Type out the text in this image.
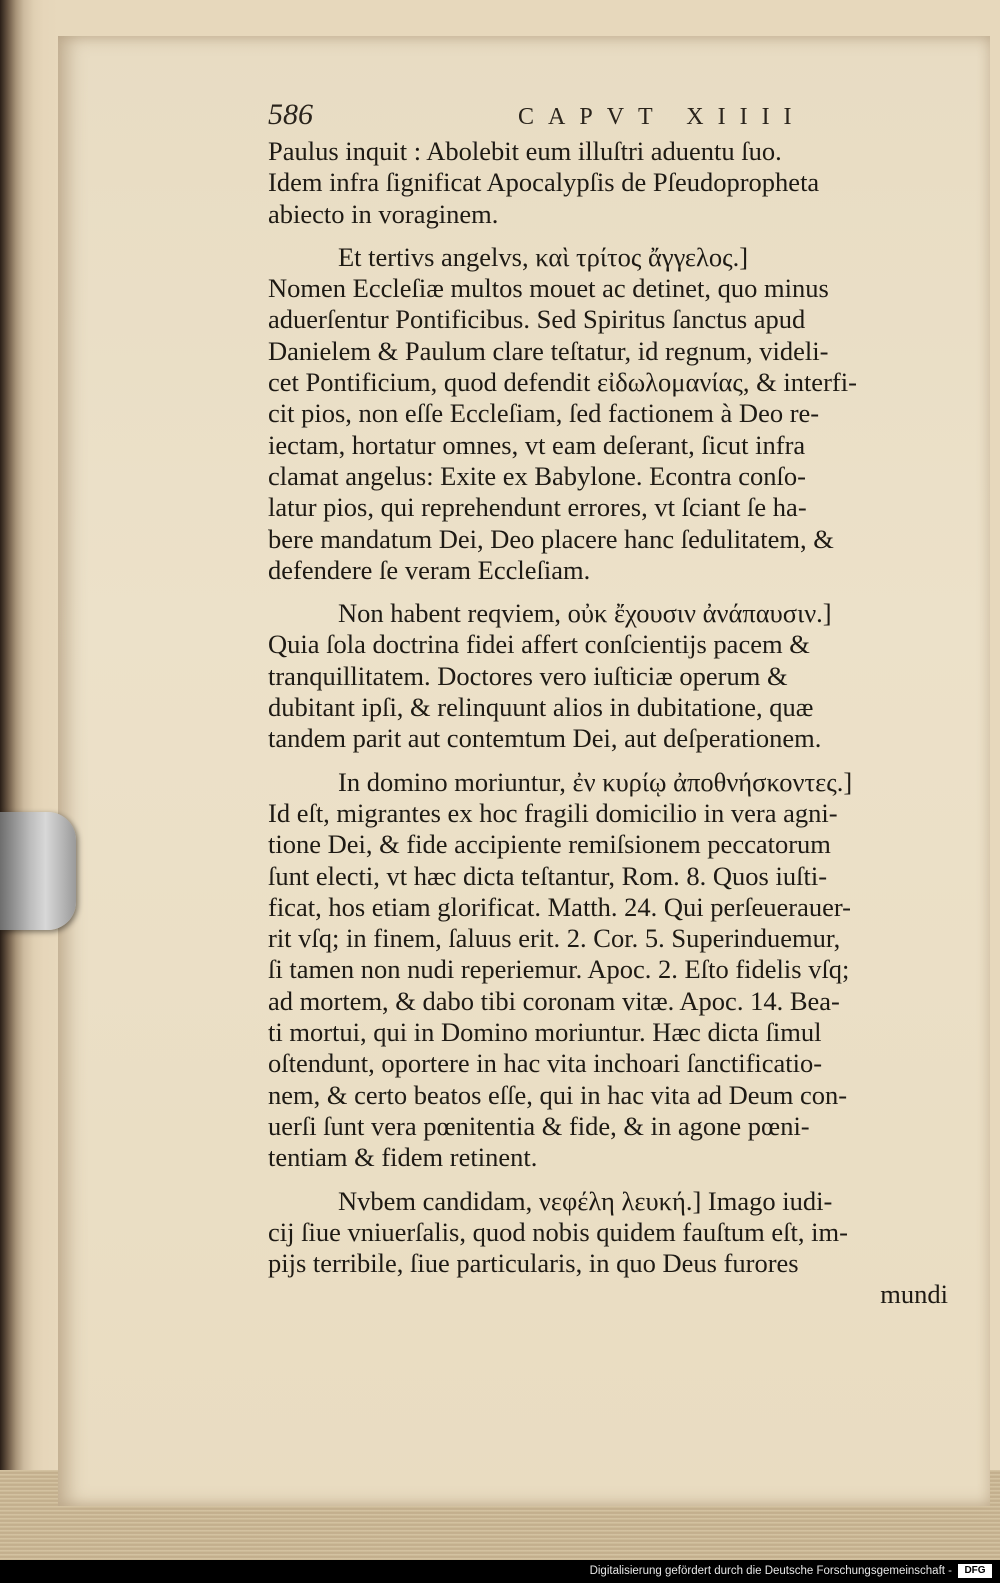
586	CAPVT XIIII
Paulus inquit : Abolebit eum illuſtri aduentu ſuo.
Idem infra ſignificat Apocalypſis de Pſeudopropheta
abiecto in voraginem.
Et tertivs angelvs, καὶ τρίτος ἄγγελος.]
Nomen Eccleſiæ multos mouet ac detinet, quo minus
aduerſentur Pontificibus. Sed Spiritus ſanctus apud
Danielem & Paulum clare teſtatur, id regnum, videli-
cet Pontificium, quod defendit εἰδωλομανίας, & interfi-
cit pios, non eſſe Eccleſiam, ſed factionem à Deo re-
iectam, hortatur omnes, vt eam deſerant, ſicut infra
clamat angelus: Exite ex Babylone. Econtra conſo-
latur pios, qui reprehendunt errores, vt ſciant ſe ha-
bere mandatum Dei, Deo placere hanc ſedulitatem, &
defendere ſe veram Eccleſiam.
Non habent reqviem, οὐκ ἔχουσιν ἀνάπαυσιν.]
Quia ſola doctrina fidei affert conſcientijs pacem &
tranquillitatem. Doctores vero iuſticiæ operum &
dubitant ipſi, & relinquunt alios in dubitatione, quæ
tandem parit aut contemtum Dei, aut deſperationem.
In domino moriuntur, ἐν κυρίῳ ἀποθνήσκοντες.]
Id eſt, migrantes ex hoc fragili domicilio in vera agni-
tione Dei, & fide accipiente remiſsionem peccatorum
ſunt electi, vt hæc dicta teſtantur, Rom. 8. Quos iuſti-
ficat, hos etiam glorificat. Matth. 24. Qui perſeuerauer-
rit vſq; in finem, ſaluus erit. 2. Cor. 5. Superinduemur,
ſi tamen non nudi reperiemur. Apoc. 2. Eſto fidelis vſq;
ad mortem, & dabo tibi coronam vitæ. Apoc. 14. Bea-
ti mortui, qui in Domino moriuntur. Hæc dicta ſimul
oſtendunt, oportere in hac vita inchoari ſanctificatio-
nem, & certo beatos eſſe, qui in hac vita ad Deum con-
uerſi ſunt vera pœnitentia & fide, & in agone pœni-
tentiam & fidem retinent.
Nvbem candidam, νεφέλη λευκή.] Imago iudi-
cij ſiue vniuerſalis, quod nobis quidem fauſtum eſt, im-
pijs terribile, ſiue particularis, in quo Deus furores
mundi
Digitalisierung gefördert durch die Deutsche Forschungsgemeinschaft -	DFG
